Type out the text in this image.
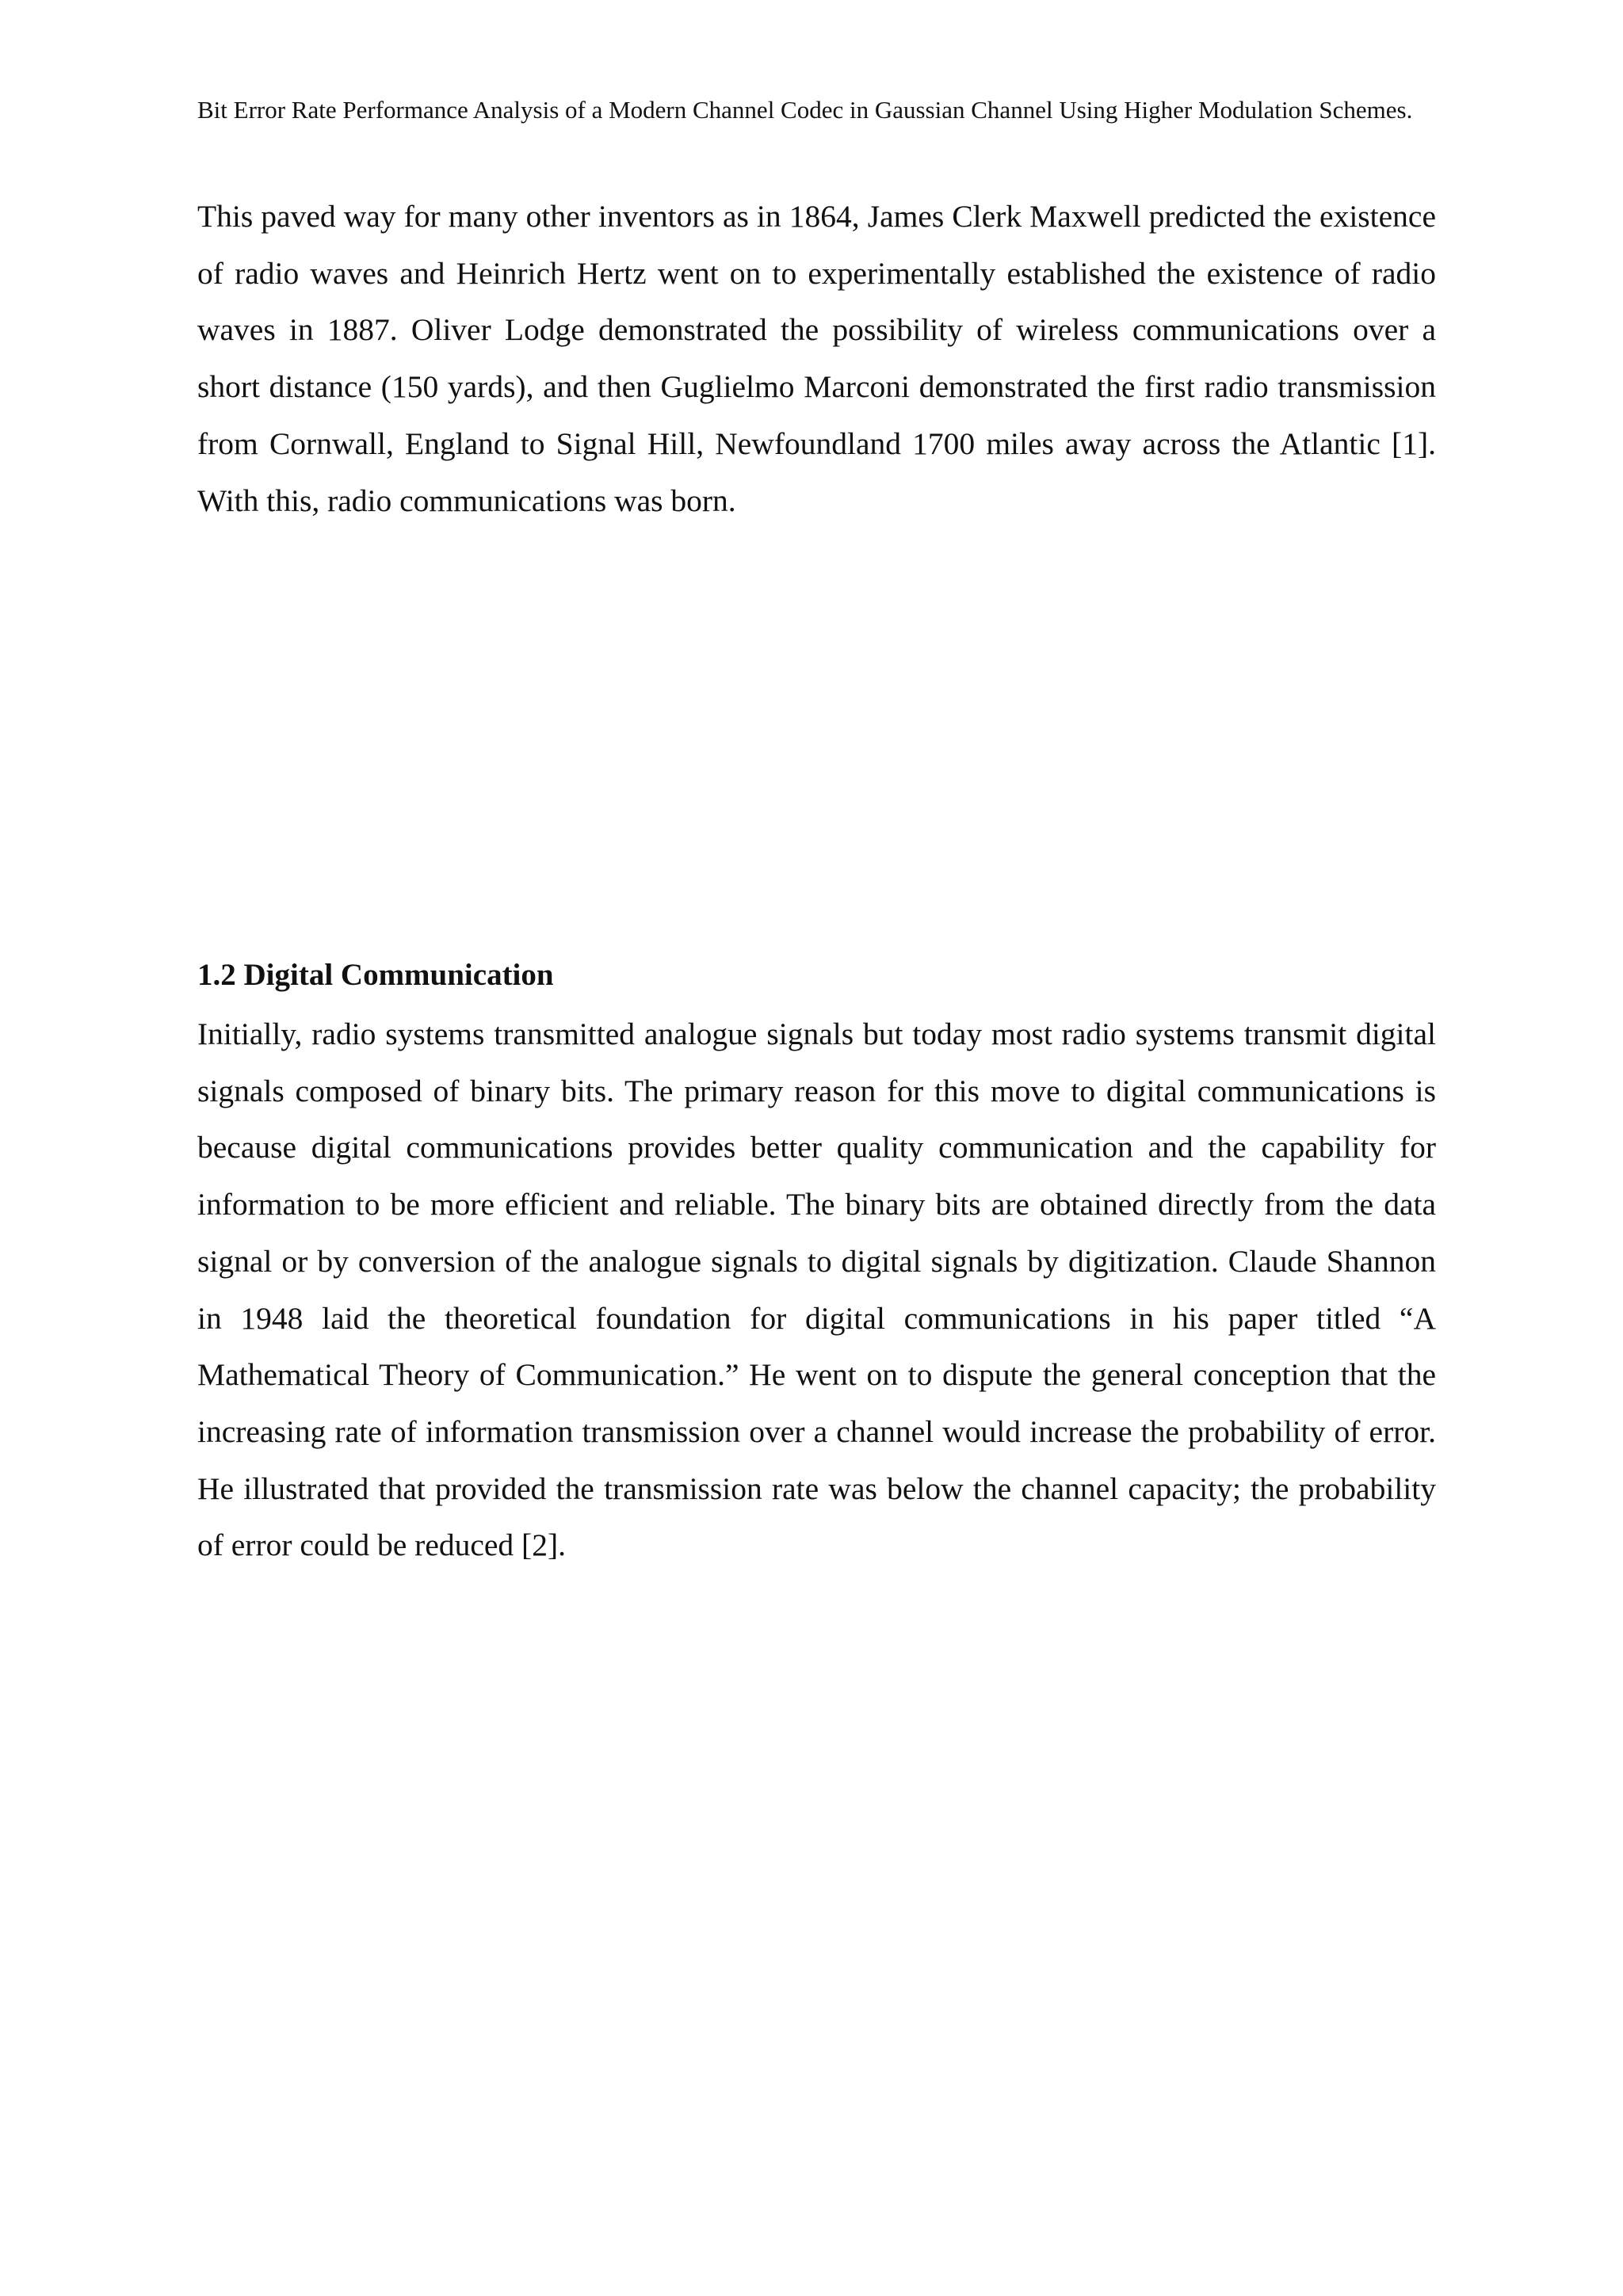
Bit Error Rate Performance Analysis of a Modern Channel Codec in Gaussian Channel Using Higher Modulation Schemes.

This paved way for many other inventors as in 1864, James Clerk Maxwell predicted the existence of radio waves and Heinrich Hertz went on to experimentally established the existence of radio waves in 1887. Oliver Lodge demonstrated the possibility of wireless communications over a short distance (150 yards), and then Guglielmo Marconi demonstrated the first radio transmission from Cornwall, England to Signal Hill, Newfoundland 1700 miles away across the Atlantic [1]. With this, radio communications was born.

1.2 Digital Communication

Initially, radio systems transmitted analogue signals but today most radio systems transmit digital signals composed of binary bits. The primary reason for this move to digital communications is because digital communications provides better quality communication and the capability for information to be more efficient and reliable. The binary bits are obtained directly from the data signal or by conversion of the analogue signals to digital signals by digitization. Claude Shannon in 1948 laid the theoretical foundation for digital communications in his paper titled “A Mathematical Theory of Communication.” He went on to dispute the general conception that the increasing rate of information transmission over a channel would increase the probability of error. He illustrated that provided the transmission rate was below the channel capacity; the probability of error could be reduced [2].
